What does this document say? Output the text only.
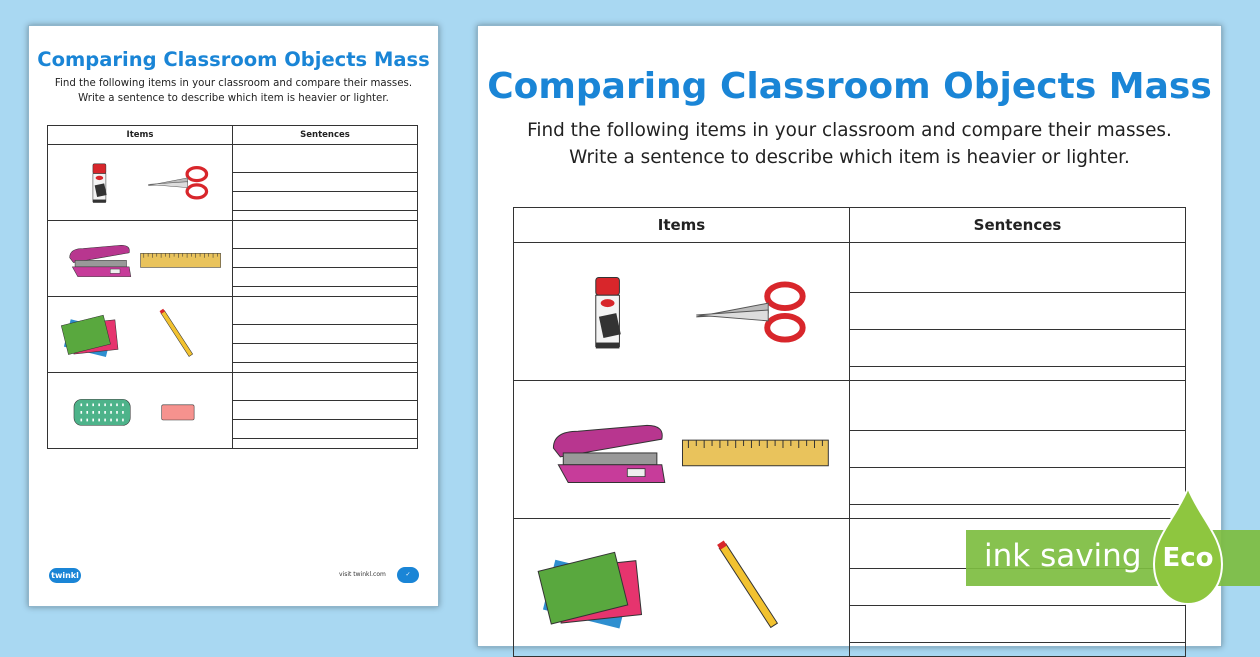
Comparing Classroom Objects Mass

Find the following items in your classroom and compare their masses. Write a sentence to describe which item is heavier or lighter.

Items	Sentences

twinkl	visit twinkl.com	✓
Comparing Classroom Objects Mass

Find the following items in your classroom and compare their masses. Write a sentence to describe which item is heavier or lighter.

Items	Sentences

ink saving Eco
